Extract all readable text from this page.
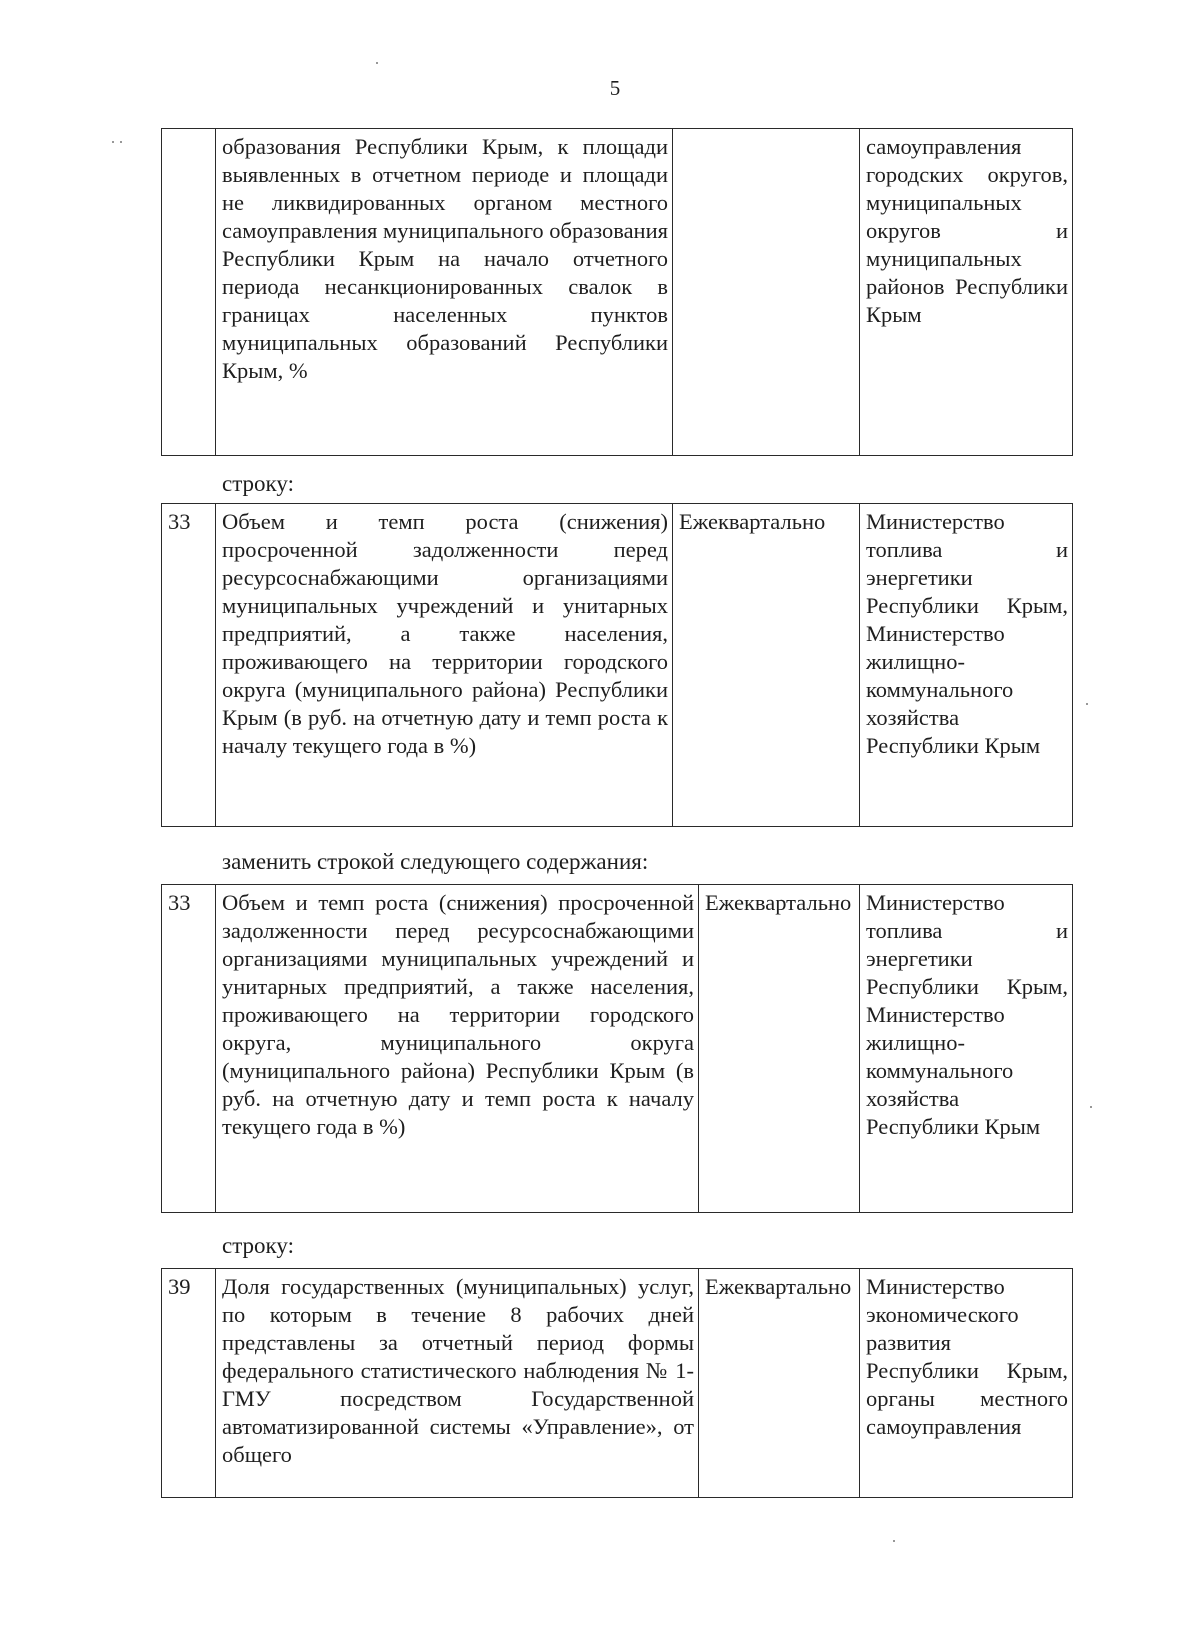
5
	образования Республики Крым, к площади выявленных в отчетном периоде и площади не ликвидированных органом местного самоуправления муниципального образования Республики Крым на начало отчетного периода несанкционированных свалок в границах населенных пунктов муниципальных образований Республики Крым, %		самоуправления городских округов, муниципальных округов и муниципальных районов Республики Крым
строку:
33	Объем и темп роста (снижения) просроченной задолженности перед ресурсоснабжающими организациями муниципальных учреждений и унитарных предприятий, а также населения, проживающего на территории городского округа (муниципального района) Республики Крым (в руб. на отчетную дату и темп роста к началу текущего года в %)	Ежеквартально	Министерство топлива и энергетики Республики Крым, Министерство жилищно-коммунального хозяйства Республики Крым
заменить строкой следующего содержания:
33	Объем и темп роста (снижения) просроченной задолженности перед ресурсоснабжающими организациями муниципальных учреждений и унитарных предприятий, а также населения, проживающего на территории городского округа, муниципального округа (муниципального района) Республики Крым (в руб. на отчетную дату и темп роста к началу текущего года в %)	Ежеквартально	Министерство топлива и энергетики Республики Крым, Министерство жилищно-коммунального хозяйства Республики Крым
строку:
39	Доля государственных (муниципальных) услуг, по которым в течение 8 рабочих дней представлены за отчетный период формы федерального статистического наблюдения № 1-ГМУ посредством Государственной автоматизированной системы «Управление», от общего	Ежеквартально	Министерство экономического развития Республики Крым, органы местного самоуправления
